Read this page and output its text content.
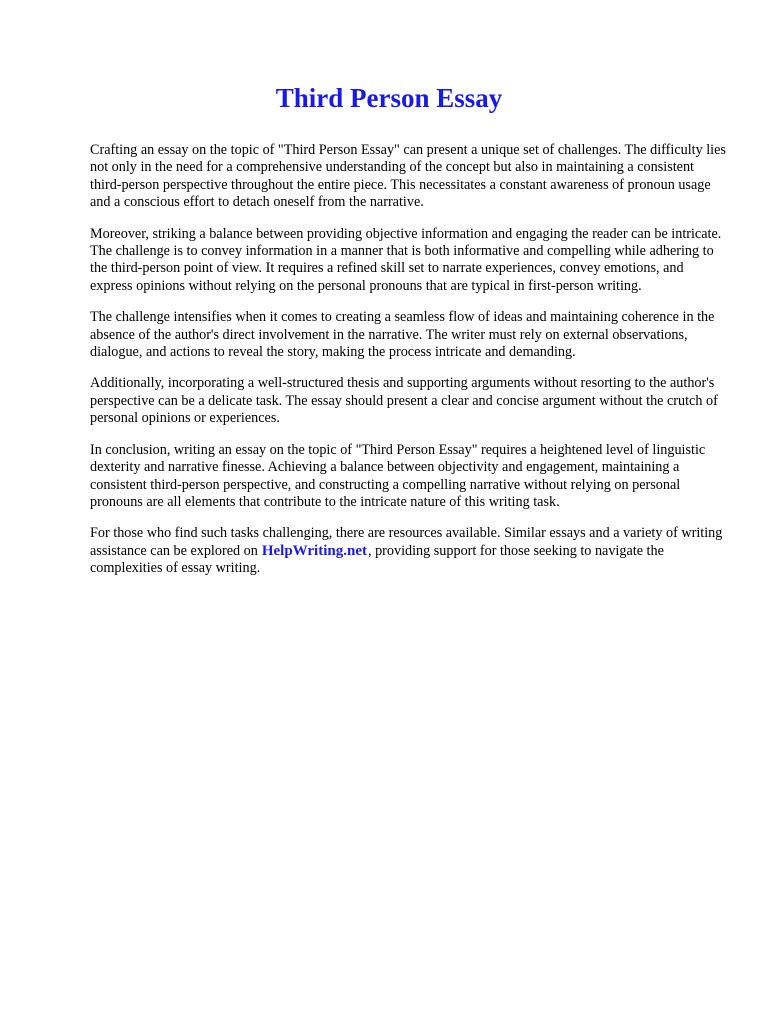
Third Person Essay

Crafting an essay on the topic of "Third Person Essay" can present a unique set of challenges. The difficulty lies not only in the need for a comprehensive understanding of the concept but also in maintaining a consistent third-person perspective throughout the entire piece. This necessitates a constant awareness of pronoun usage and a conscious effort to detach oneself from the narrative.

Moreover, striking a balance between providing objective information and engaging the reader can be intricate. The challenge is to convey information in a manner that is both informative and compelling while adhering to the third-person point of view. It requires a refined skill set to narrate experiences, convey emotions, and express opinions without relying on the personal pronouns that are typical in first-person writing.

The challenge intensifies when it comes to creating a seamless flow of ideas and maintaining coherence in the absence of the author's direct involvement in the narrative. The writer must rely on external observations, dialogue, and actions to reveal the story, making the process intricate and demanding.

Additionally, incorporating a well-structured thesis and supporting arguments without resorting to the author's perspective can be a delicate task. The essay should present a clear and concise argument without the crutch of personal opinions or experiences.

In conclusion, writing an essay on the topic of "Third Person Essay" requires a heightened level of linguistic dexterity and narrative finesse. Achieving a balance between objectivity and engagement, maintaining a consistent third-person perspective, and constructing a compelling narrative without relying on personal pronouns are all elements that contribute to the intricate nature of this writing task.

For those who find such tasks challenging, there are resources available. Similar essays and a variety of writing assistance can be explored on HelpWriting.net, providing support for those seeking to navigate the complexities of essay writing.
